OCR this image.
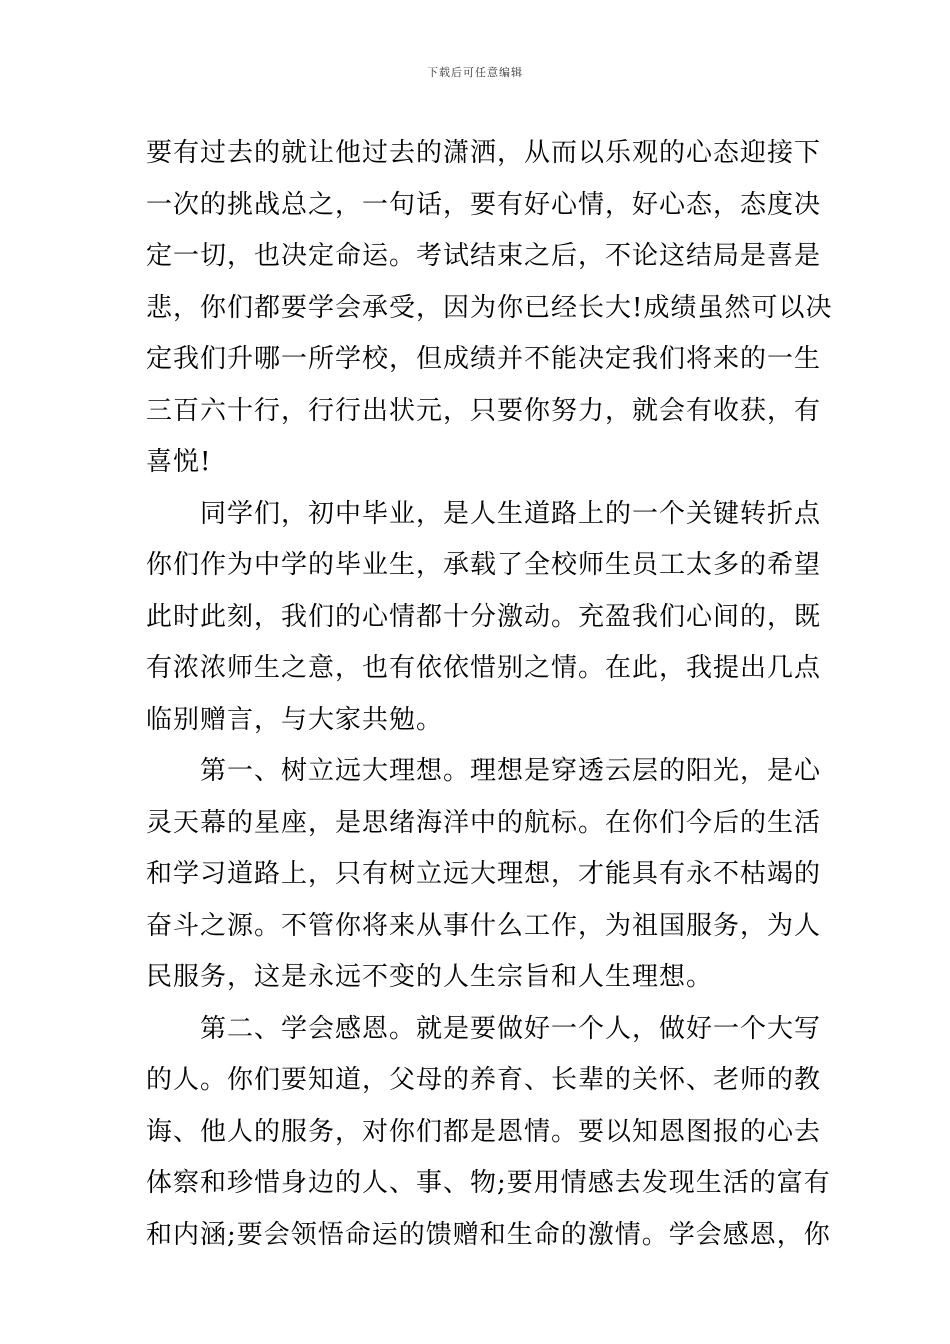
下载后可任意编辑
要有过去的就让他过去的潇洒，从而以乐观的心态迎接下
一次的挑战总之，一句话，要有好心情，好心态，态度决
定一切，也决定命运。考试结束之后，不论这结局是喜是
悲，你们都要学会承受，因为你已经长大!成绩虽然可以决
定我们升哪一所学校，但成绩并不能决定我们将来的一生
三百六十行，行行出状元，只要你努力，就会有收获，有
喜悦!
　　同学们，初中毕业，是人生道路上的一个关键转折点
你们作为中学的毕业生，承载了全校师生员工太多的希望
此时此刻，我们的心情都十分激动。充盈我们心间的，既
有浓浓师生之意，也有依依惜别之情。在此，我提出几点
临别赠言，与大家共勉。
　　第一、树立远大理想。理想是穿透云层的阳光，是心
灵天幕的星座，是思绪海洋中的航标。在你们今后的生活
和学习道路上，只有树立远大理想，才能具有永不枯竭的
奋斗之源。不管你将来从事什么工作，为祖国服务，为人
民服务，这是永远不变的人生宗旨和人生理想。
　　第二、学会感恩。就是要做好一个人，做好一个大写
的人。你们要知道，父母的养育、长辈的关怀、老师的教
诲、他人的服务，对你们都是恩情。要以知恩图报的心去
体察和珍惜身边的人、事、物;要用情感去发现生活的富有
和内涵;要会领悟命运的馈赠和生命的激情。学会感恩，你
